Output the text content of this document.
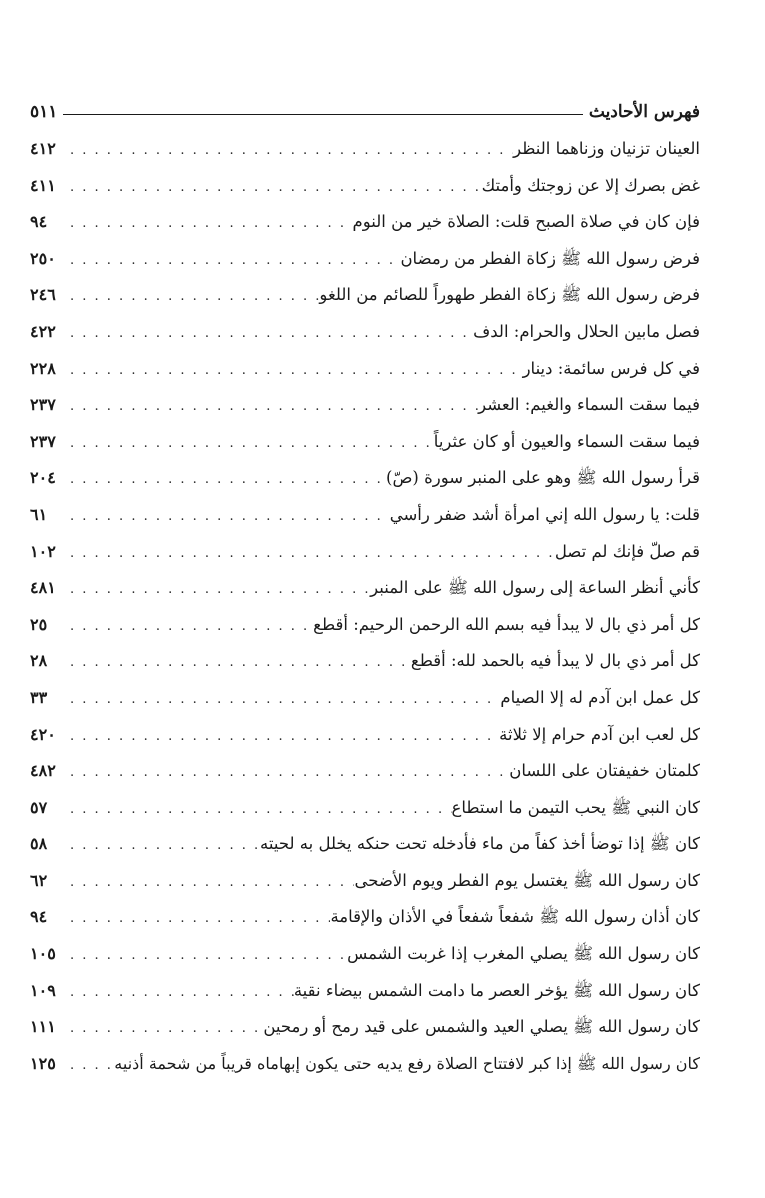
فهرس الأحاديث
٥١١
العينان تزنيان وزناهما النظر
. . .
٤١٢
غض بصرك إلا عن زوجتك وأمتك
. . .
٤١١
فإن كان في صلاة الصبح قلت: الصلاة خير من النوم
. . .
٩٤
فرض رسول الله ﷺ زكاة الفطر من رمضان
. . .
٢٥٠
فرض رسول الله ﷺ زكاة الفطر طهوراً للصائم من اللغو
. . .
٢٤٦
فصل مابين الحلال والحرام: الدف
. . .
٤٢٢
في كل فرس سائمة: دينار
. . .
٢٢٨
فيما سقت السماء والغيم: العشر
. . .
٢٣٧
فيما سقت السماء والعيون أو كان عثرياً
. . .
٢٣٧
قرأ رسول الله ﷺ وهو على المنبر سورة (صّ)
. . .
٢٠٤
قلت: يا رسول الله إني امرأة أشد ضفر رأسي
. . .
٦١
قم صلّ فإنك لم تصل
. . .
١٠٢
كأني أنظر الساعة إلى رسول الله ﷺ على المنبر
. . .
٤٨١
كل أمر ذي بال لا يبدأ فيه بسم الله الرحمن الرحيم: أقطع
. . .
٢٥
كل أمر ذي بال لا يبدأ فيه بالحمد لله: أقطع
. . .
٢٨
كل عمل ابن آدم له إلا الصيام
. . .
٣٣
كل لعب ابن آدم حرام إلا ثلاثة
. . .
٤٢٠
كلمتان خفيفتان على اللسان
. . .
٤٨٢
كان النبي ﷺ يحب التيمن ما استطاع
. . .
٥٧
كان ﷺ إذا توضأ أخذ كفاً من ماء فأدخله تحت حنكه يخلل به لحيته
. . .
٥٨
كان رسول الله ﷺ يغتسل يوم الفطر ويوم الأضحى
. . .
٦٢
كان أذان رسول الله ﷺ شفعاً شفعاً في الأذان والإقامة
. . .
٩٤
كان رسول الله ﷺ يصلي المغرب إذا غربت الشمس
. . .
١٠٥
كان رسول الله ﷺ يؤخر العصر ما دامت الشمس بيضاء نقية
. . .
١٠٩
كان رسول الله ﷺ يصلي العيد والشمس على قيد رمح أو رمحين
. . .
١١١
كان رسول الله ﷺ إذا كبر لافتتاح الصلاة رفع يديه حتى يكون إبهاماه قريباً من شحمة أذنيه
. . .
١٢٥
